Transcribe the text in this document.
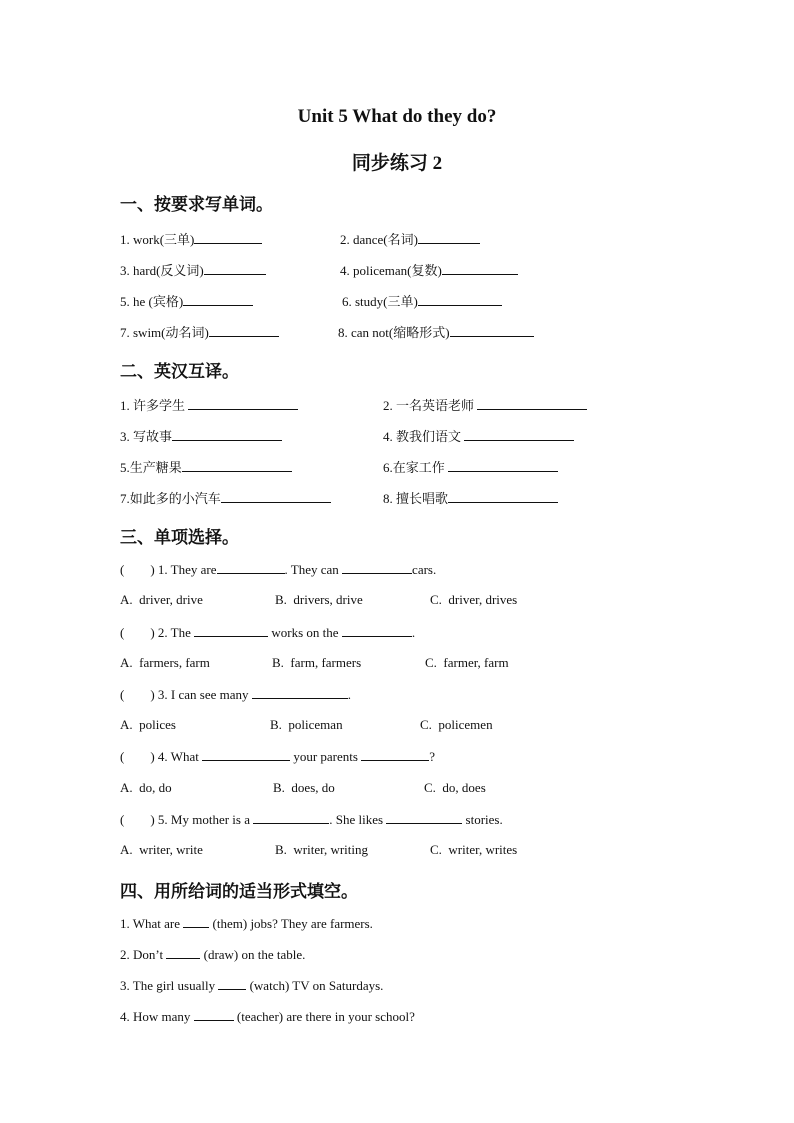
Unit 5 What do they do?
同步练习 2
一、按要求写单词。
1. work(三单)	2. dance(名词)
3. hard(反义词)	4. policeman(复数)
5. he (宾格)	6. study(三单)
7. swim(动名词)	8. can not(缩略形式)
二、英汉互译。
1. 许多学生	2. 一名英语老师
3. 写故事	4. 教我们语文
5.生产糖果	6.在家工作
7.如此多的小汽车	8. 擅长唱歌
三、单项选择。
(        ) 1. They are	. They can	cars.
A.  driver, drive	B.  drivers, drive	C.  driver, drives
(        ) 2. The	works on the	.
A.  farmers, farm	B.  farm, farmers	C.  farmer, farm
(        ) 3. I can see many	.
A.  polices	B.  policeman	C.  policemen
(        ) 4. What	your parents	?
A.  do, do	B.  does, do	C.  do, does
(        ) 5. My mother is a	. She likes	stories.
A.  writer, write	B.  writer, writing	C.  writer, writes
四、用所给词的适当形式填空。
1. What are  (them) jobs? They are farmers.
2. Don’t	(draw) on the table.
3. The girl usually  (watch) TV on Saturdays.
4. How many	(teacher) are there in your school?
